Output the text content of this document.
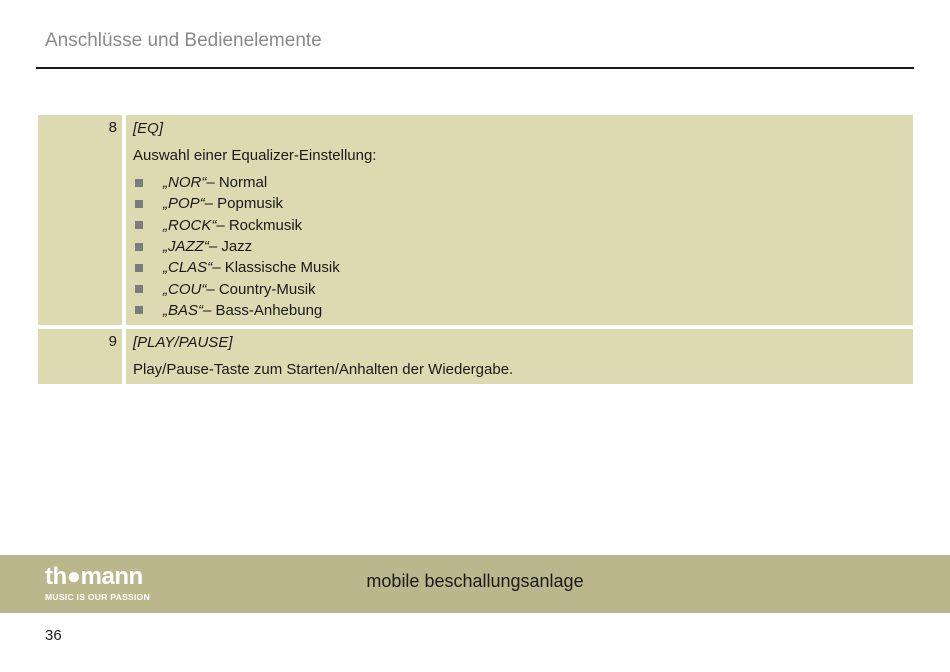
Anschlüsse und Bedienelemente
8	[EQ]
Auswahl einer Equalizer-Einstellung:
„NOR“ – Normal
„POP“ – Popmusik
„ROCK“ – Rockmusik
„JAZZ“ – Jazz
„CLAS“ – Klassische Musik
„COU“ – Country-Musik
„BAS“ – Bass-Anhebung
9	[PLAY/PAUSE]
Play/Pause-Taste zum Starten/Anhalten der Wiedergabe.
th●mann
MUSIC IS OUR PASSION
mobile beschallungsanlage
36
